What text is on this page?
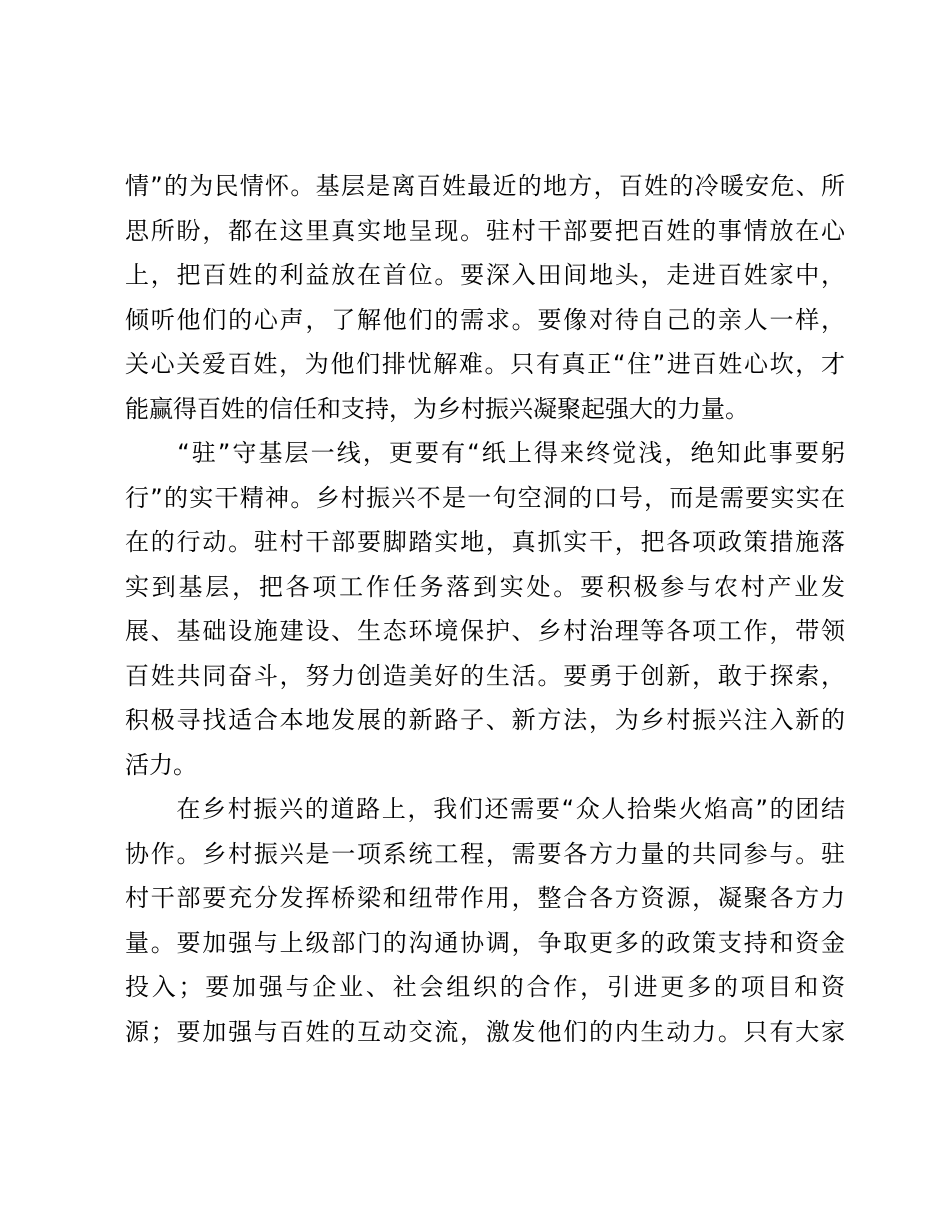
情”的为民情怀。基层是离百姓最近的地方，百姓的冷暖安危、所
思所盼，都在这里真实地呈现。驻村干部要把百姓的事情放在心
上，把百姓的利益放在首位。要深入田间地头，走进百姓家中，
倾听他们的心声，了解他们的需求。要像对待自己的亲人一样，
关心关爱百姓，为他们排忧解难。只有真正“住”进百姓心坎，才
能赢得百姓的信任和支持，为乡村振兴凝聚起强大的力量。
　　“驻”守基层一线，更要有“纸上得来终觉浅，绝知此事要躬
行”的实干精神。乡村振兴不是一句空洞的口号，而是需要实实在
在的行动。驻村干部要脚踏实地，真抓实干，把各项政策措施落
实到基层，把各项工作任务落到实处。要积极参与农村产业发
展、基础设施建设、生态环境保护、乡村治理等各项工作，带领
百姓共同奋斗，努力创造美好的生活。要勇于创新，敢于探索，
积极寻找适合本地发展的新路子、新方法，为乡村振兴注入新的
活力。
　　在乡村振兴的道路上，我们还需要“众人拾柴火焰高”的团结
协作。乡村振兴是一项系统工程，需要各方力量的共同参与。驻
村干部要充分发挥桥梁和纽带作用，整合各方资源，凝聚各方力
量。要加强与上级部门的沟通协调，争取更多的政策支持和资金
投入；要加强与企业、社会组织的合作，引进更多的项目和资
源；要加强与百姓的互动交流，激发他们的内生动力。只有大家
